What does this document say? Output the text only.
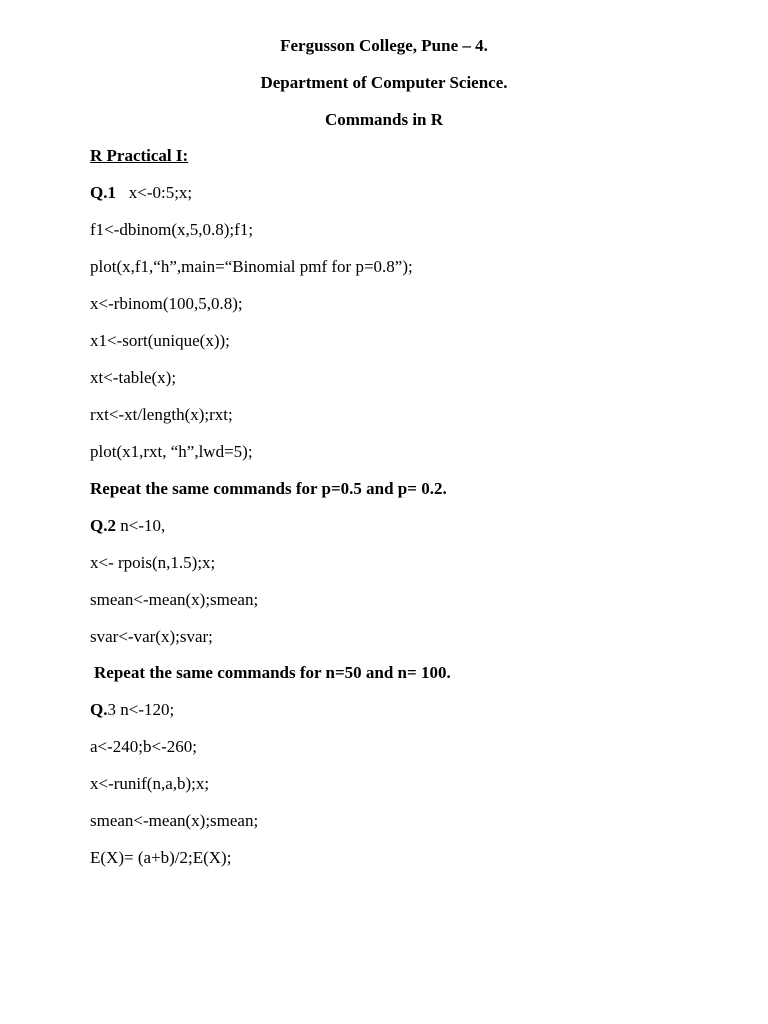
Fergusson College, Pune – 4.
Department of Computer Science.
Commands in R
R Practical I:
Q.1 x<-0:5;x;
f1<-dbinom(x,5,0.8);f1;
plot(x,f1,“h”,main=“Binomial pmf for p=0.8”);
x<-rbinom(100,5,0.8);
x1<-sort(unique(x));
xt<-table(x);
rxt<-xt/length(x);rxt;
plot(x1,rxt, “h”,lwd=5);
Repeat the same commands for p=0.5 and p= 0.2.
Q.2 n<-10,
x<- rpois(n,1.5);x;
smean<-mean(x);smean;
svar<-var(x);svar;
Repeat the same commands for n=50 and n= 100.
Q.3 n<-120;
a<-240;b<-260;
x<-runif(n,a,b);x;
smean<-mean(x);smean;
E(X)= (a+b)/2;E(X);
